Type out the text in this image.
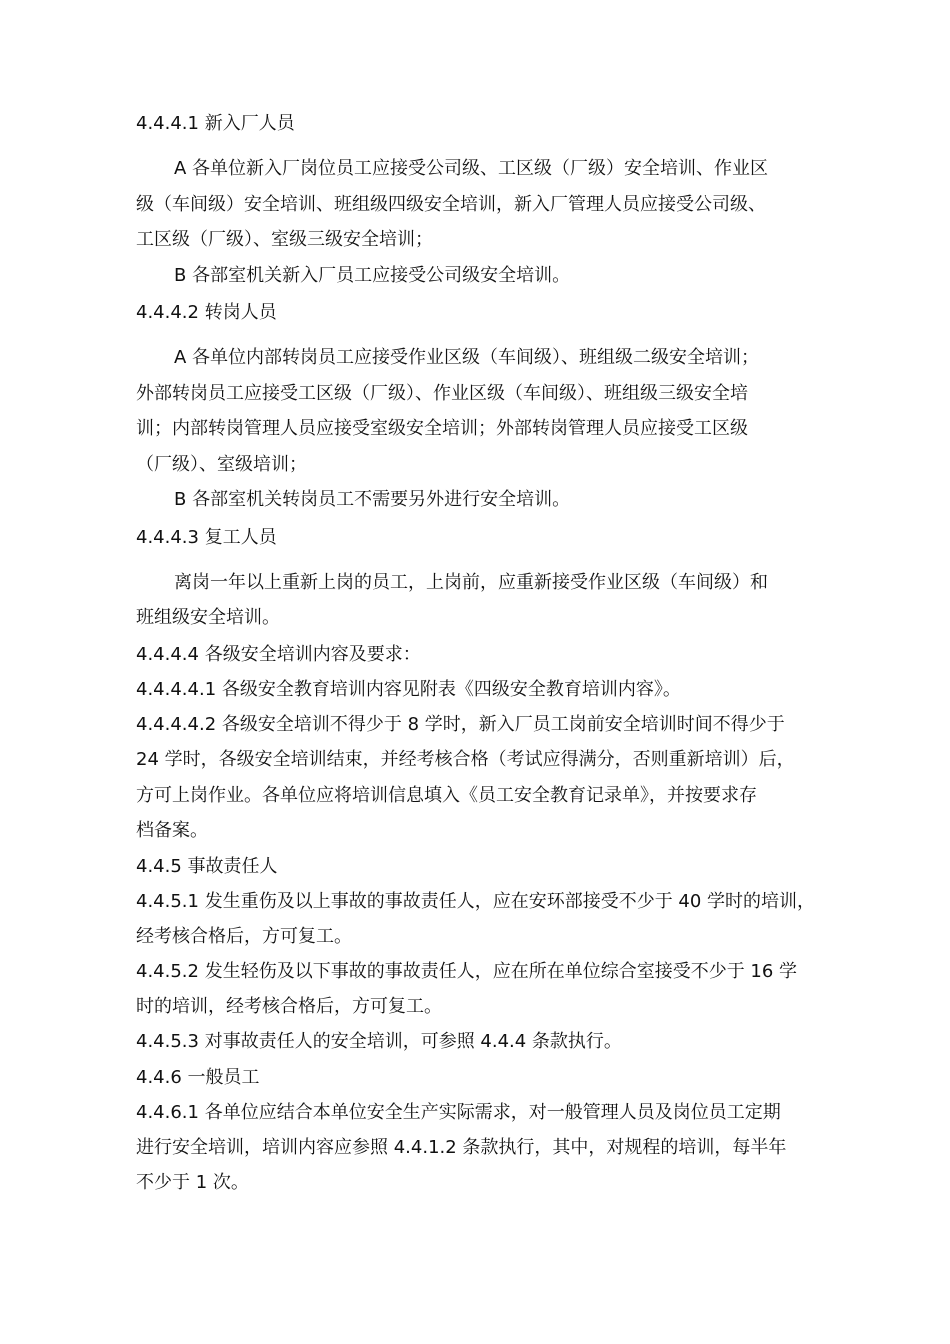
4.4.4.1 新入厂人员
A 各单位新入厂岗位员工应接受公司级、工区级（厂级）安全培训、作业区
级（车间级）安全培训、班组级四级安全培训，新入厂管理人员应接受公司级、
工区级（厂级）、室级三级安全培训；
B 各部室机关新入厂员工应接受公司级安全培训。
4.4.4.2 转岗人员
A 各单位内部转岗员工应接受作业区级（车间级）、班组级二级安全培训；
外部转岗员工应接受工区级（厂级）、作业区级（车间级）、班组级三级安全培
训；内部转岗管理人员应接受室级安全培训；外部转岗管理人员应接受工区级
（厂级）、室级培训；
B 各部室机关转岗员工不需要另外进行安全培训。
4.4.4.3 复工人员
离岗一年以上重新上岗的员工，上岗前，应重新接受作业区级（车间级）和
班组级安全培训。
4.4.4.4 各级安全培训内容及要求：
4.4.4.4.1 各级安全教育培训内容见附表《四级安全教育培训内容》。
4.4.4.4.2 各级安全培训不得少于 8 学时，新入厂员工岗前安全培训时间不得少于
24 学时，各级安全培训结束，并经考核合格（考试应得满分，否则重新培训）后，
方可上岗作业。各单位应将培训信息填入《员工安全教育记录单》，并按要求存
档备案。
4.4.5 事故责任人
4.4.5.1 发生重伤及以上事故的事故责任人，应在安环部接受不少于 40 学时的培训，
经考核合格后，方可复工。
4.4.5.2 发生轻伤及以下事故的事故责任人，应在所在单位综合室接受不少于 16 学
时的培训，经考核合格后，方可复工。
4.4.5.3 对事故责任人的安全培训，可参照 4.4.4 条款执行。
4.4.6 一般员工
4.4.6.1 各单位应结合本单位安全生产实际需求，对一般管理人员及岗位员工定期
进行安全培训，培训内容应参照 4.4.1.2 条款执行，其中，对规程的培训，每半年
不少于 1 次。
